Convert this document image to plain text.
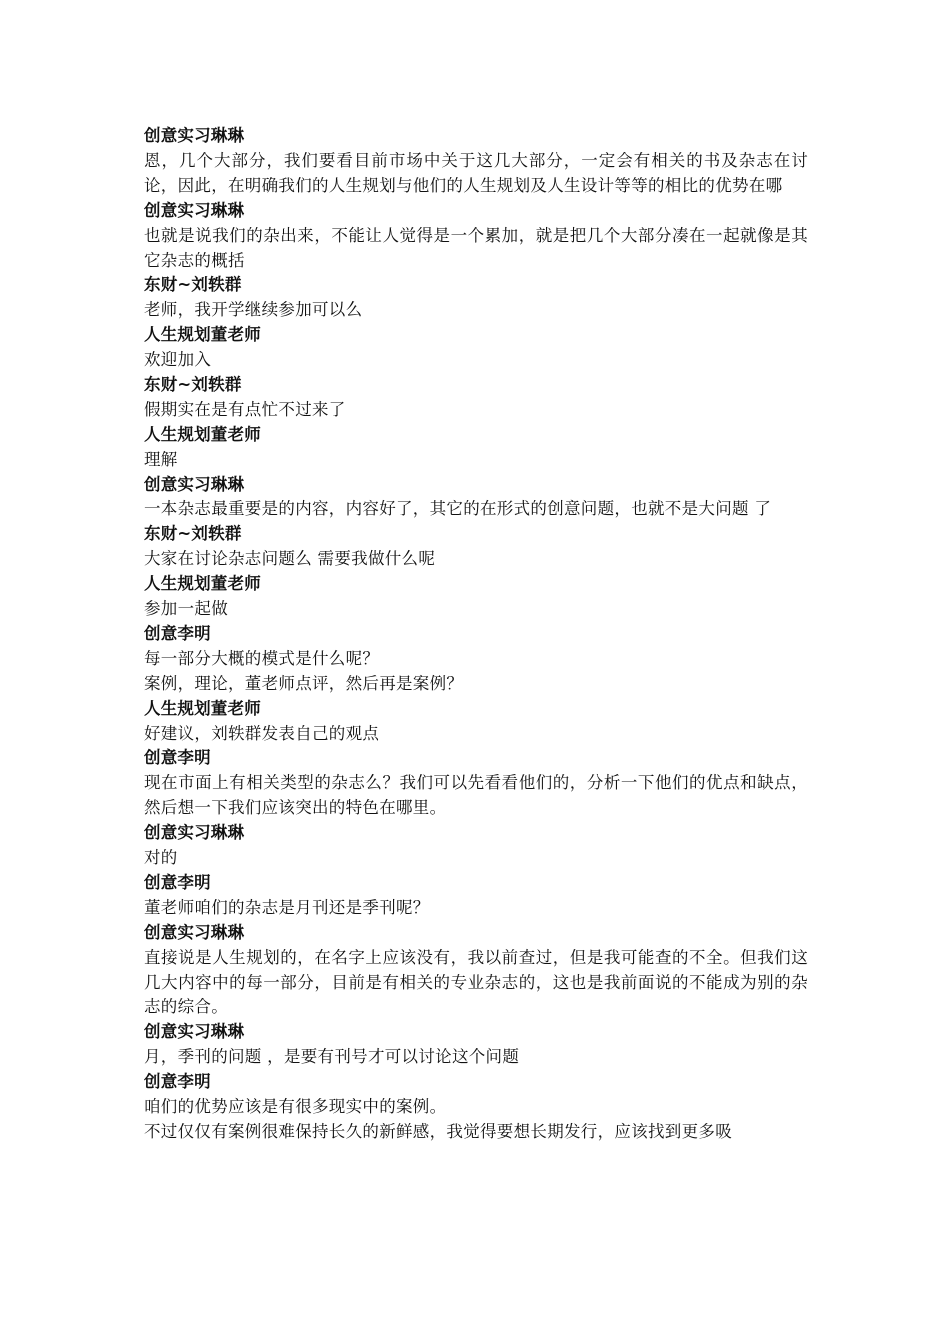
创意实习琳琳
恩，几个大部分，我们要看目前市场中关于这几大部分，一定会有相关的书及杂志在讨论，因此，在明确我们的人生规划与他们的人生规划及人生设计等等的相比的优势在哪
创意实习琳琳
也就是说我们的杂出来，不能让人觉得是一个累加，就是把几个大部分凑在一起就像是其它杂志的概括
东财~刘轶群
老师，我开学继续参加可以么
人生规划董老师
欢迎加入
东财~刘轶群
假期实在是有点忙不过来了
人生规划董老师
理解
创意实习琳琳
一本杂志最重要是的内容，内容好了，其它的在形式的创意问题，也就不是大问题 了
东财~刘轶群
大家在讨论杂志问题么 需要我做什么呢
人生规划董老师
参加一起做
创意李明
每一部分大概的模式是什么呢？
案例，理论，董老师点评，然后再是案例？
人生规划董老师
好建议，刘轶群发表自己的观点
创意李明
现在市面上有相关类型的杂志么？我们可以先看看他们的，分析一下他们的优点和缺点，然后想一下我们应该突出的特色在哪里。
创意实习琳琳
对的
创意李明
董老师咱们的杂志是月刊还是季刊呢？
创意实习琳琳
直接说是人生规划的，在名字上应该没有，我以前查过，但是我可能查的不全。但我们这几大内容中的每一部分，目前是有相关的专业杂志的，这也是我前面说的不能成为别的杂志的综合。
创意实习琳琳
月，季刊的问题 ，是要有刊号才可以讨论这个问题
创意李明
咱们的优势应该是有很多现实中的案例。
不过仅仅有案例很难保持长久的新鲜感，我觉得要想长期发行，应该找到更多吸
